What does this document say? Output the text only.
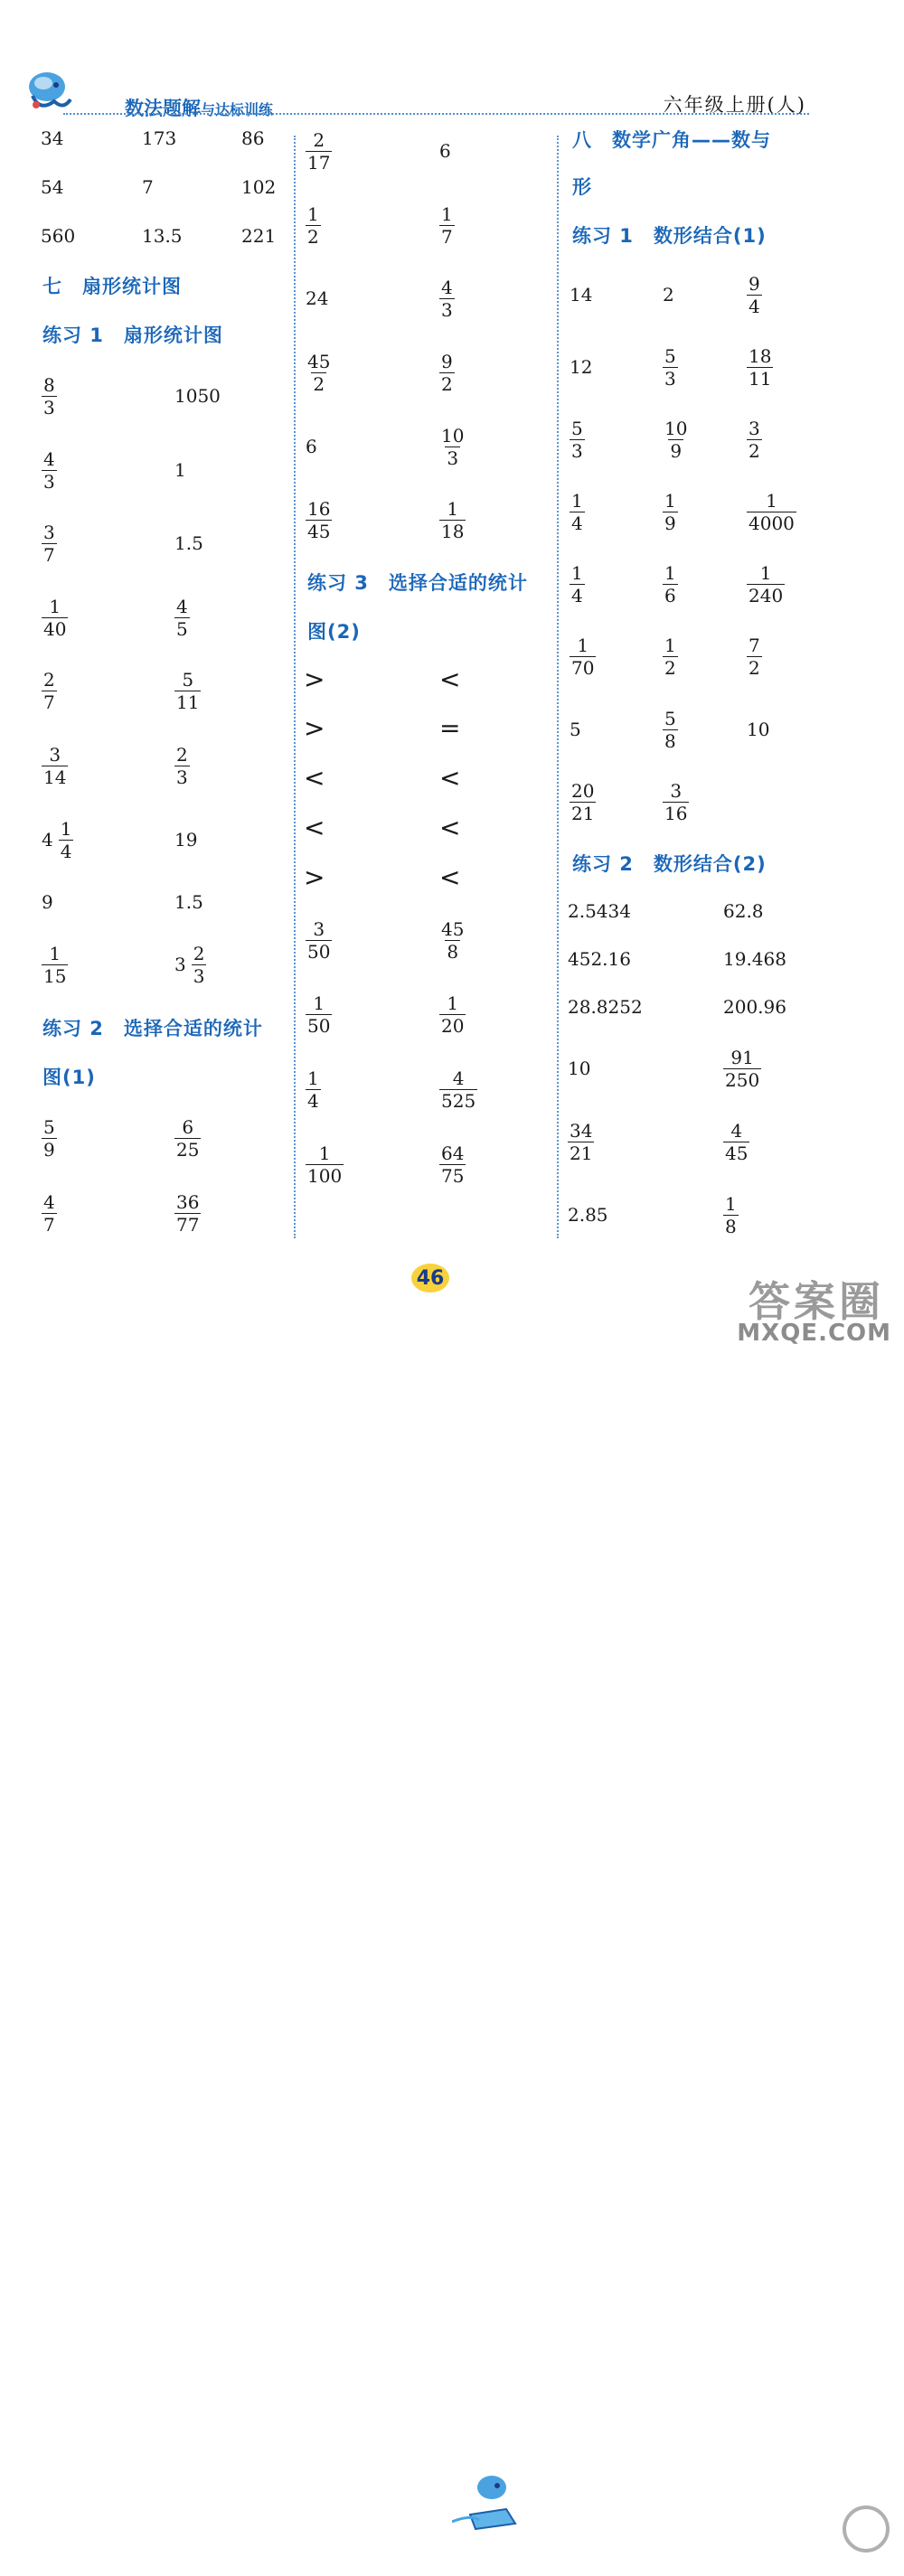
数法题解与达标训练	六年级上册(人)
34	173	86
54	7	102
560	13.5	221
七　扇形统计图
练习 1　扇形统计图
$\frac{8}{3}$	1050
$\frac{4}{3}$	1
$\frac{3}{7}$	1.5
$\frac{1}{40}$	$\frac{4}{5}$
$\frac{2}{7}$	$\frac{5}{11}$
$\frac{3}{14}$	$\frac{2}{3}$
$4 \frac{1}{4}$	19
9	1.5
$\frac{1}{15}$	$3 \frac{2}{3}$
练习 2　选择合适的统计
图(1)
$\frac{5}{9}$	$\frac{6}{25}$
$\frac{4}{7}$	$\frac{36}{77}$
$\frac{2}{17}$	6
$\frac{1}{2}$	$\frac{1}{7}$
24	$\frac{4}{3}$
$\frac{45}{2}$	$\frac{9}{2}$
6	$\frac{10}{3}$
$\frac{16}{45}$	$\frac{1}{18}$
练习 3　选择合适的统计
图(2)
>	<
>	=
<	<
<	<
>	<
$\frac{3}{50}$	$\frac{45}{8}$
$\frac{1}{50}$	$\frac{1}{20}$
$\frac{1}{4}$	$\frac{4}{525}$
$\frac{1}{100}$	$\frac{64}{75}$
八　数学广角——数与
形
练习 1　数形结合(1)
14	2	$\frac{9}{4}$
12	$\frac{5}{3}$	$\frac{18}{11}$
$\frac{5}{3}$	$\frac{10}{9}$	$\frac{3}{2}$
$\frac{1}{4}$	$\frac{1}{9}$	$\frac{1}{4000}$
$\frac{1}{4}$	$\frac{1}{6}$	$\frac{1}{240}$
$\frac{1}{70}$	$\frac{1}{2}$	$\frac{7}{2}$
5	$\frac{5}{8}$	10
$\frac{20}{21}$	$\frac{3}{16}$
练习 2　数形结合(2)
2.5434	62.8
452.16	19.468
28.8252	200.96
10	$\frac{91}{250}$
$\frac{34}{21}$	$\frac{4}{45}$
2.85	$\frac{1}{8}$
46	答案圈
MXQE.COM
